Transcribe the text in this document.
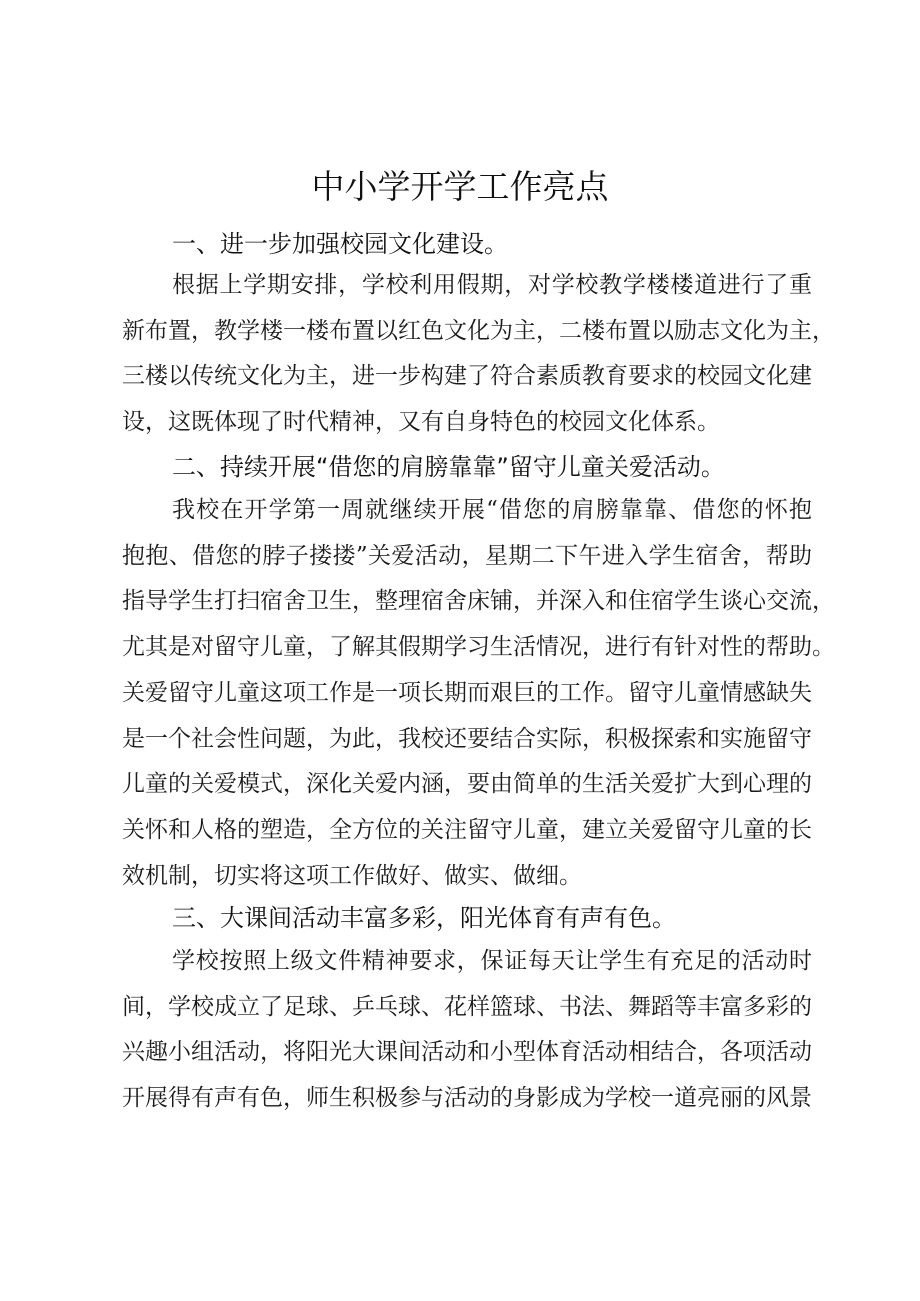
中小学开学工作亮点
一、进一步加强校园文化建设。
根据上学期安排，学校利用假期，对学校教学楼楼道进行了重
新布置，教学楼一楼布置以红色文化为主，二楼布置以励志文化为主，
三楼以传统文化为主，进一步构建了符合素质教育要求的校园文化建
设，这既体现了时代精神，又有自身特色的校园文化体系。
二、持续开展“借您的肩膀靠靠”留守儿童关爱活动。
我校在开学第一周就继续开展“借您的肩膀靠靠、借您的怀抱
抱抱、借您的脖子搂搂”关爱活动，星期二下午进入学生宿舍，帮助
指导学生打扫宿舍卫生，整理宿舍床铺，并深入和住宿学生谈心交流，
尤其是对留守儿童，了解其假期学习生活情况，进行有针对性的帮助。
关爱留守儿童这项工作是一项长期而艰巨的工作。留守儿童情感缺失
是一个社会性问题，为此，我校还要结合实际，积极探索和实施留守
儿童的关爱模式，深化关爱内涵，要由简单的生活关爱扩大到心理的
关怀和人格的塑造，全方位的关注留守儿童，建立关爱留守儿童的长
效机制，切实将这项工作做好、做实、做细。
三、大课间活动丰富多彩，阳光体育有声有色。
学校按照上级文件精神要求，保证每天让学生有充足的活动时
间，学校成立了足球、乒乓球、花样篮球、书法、舞蹈等丰富多彩的
兴趣小组活动，将阳光大课间活动和小型体育活动相结合，各项活动
开展得有声有色，师生积极参与活动的身影成为学校一道亮丽的风景
